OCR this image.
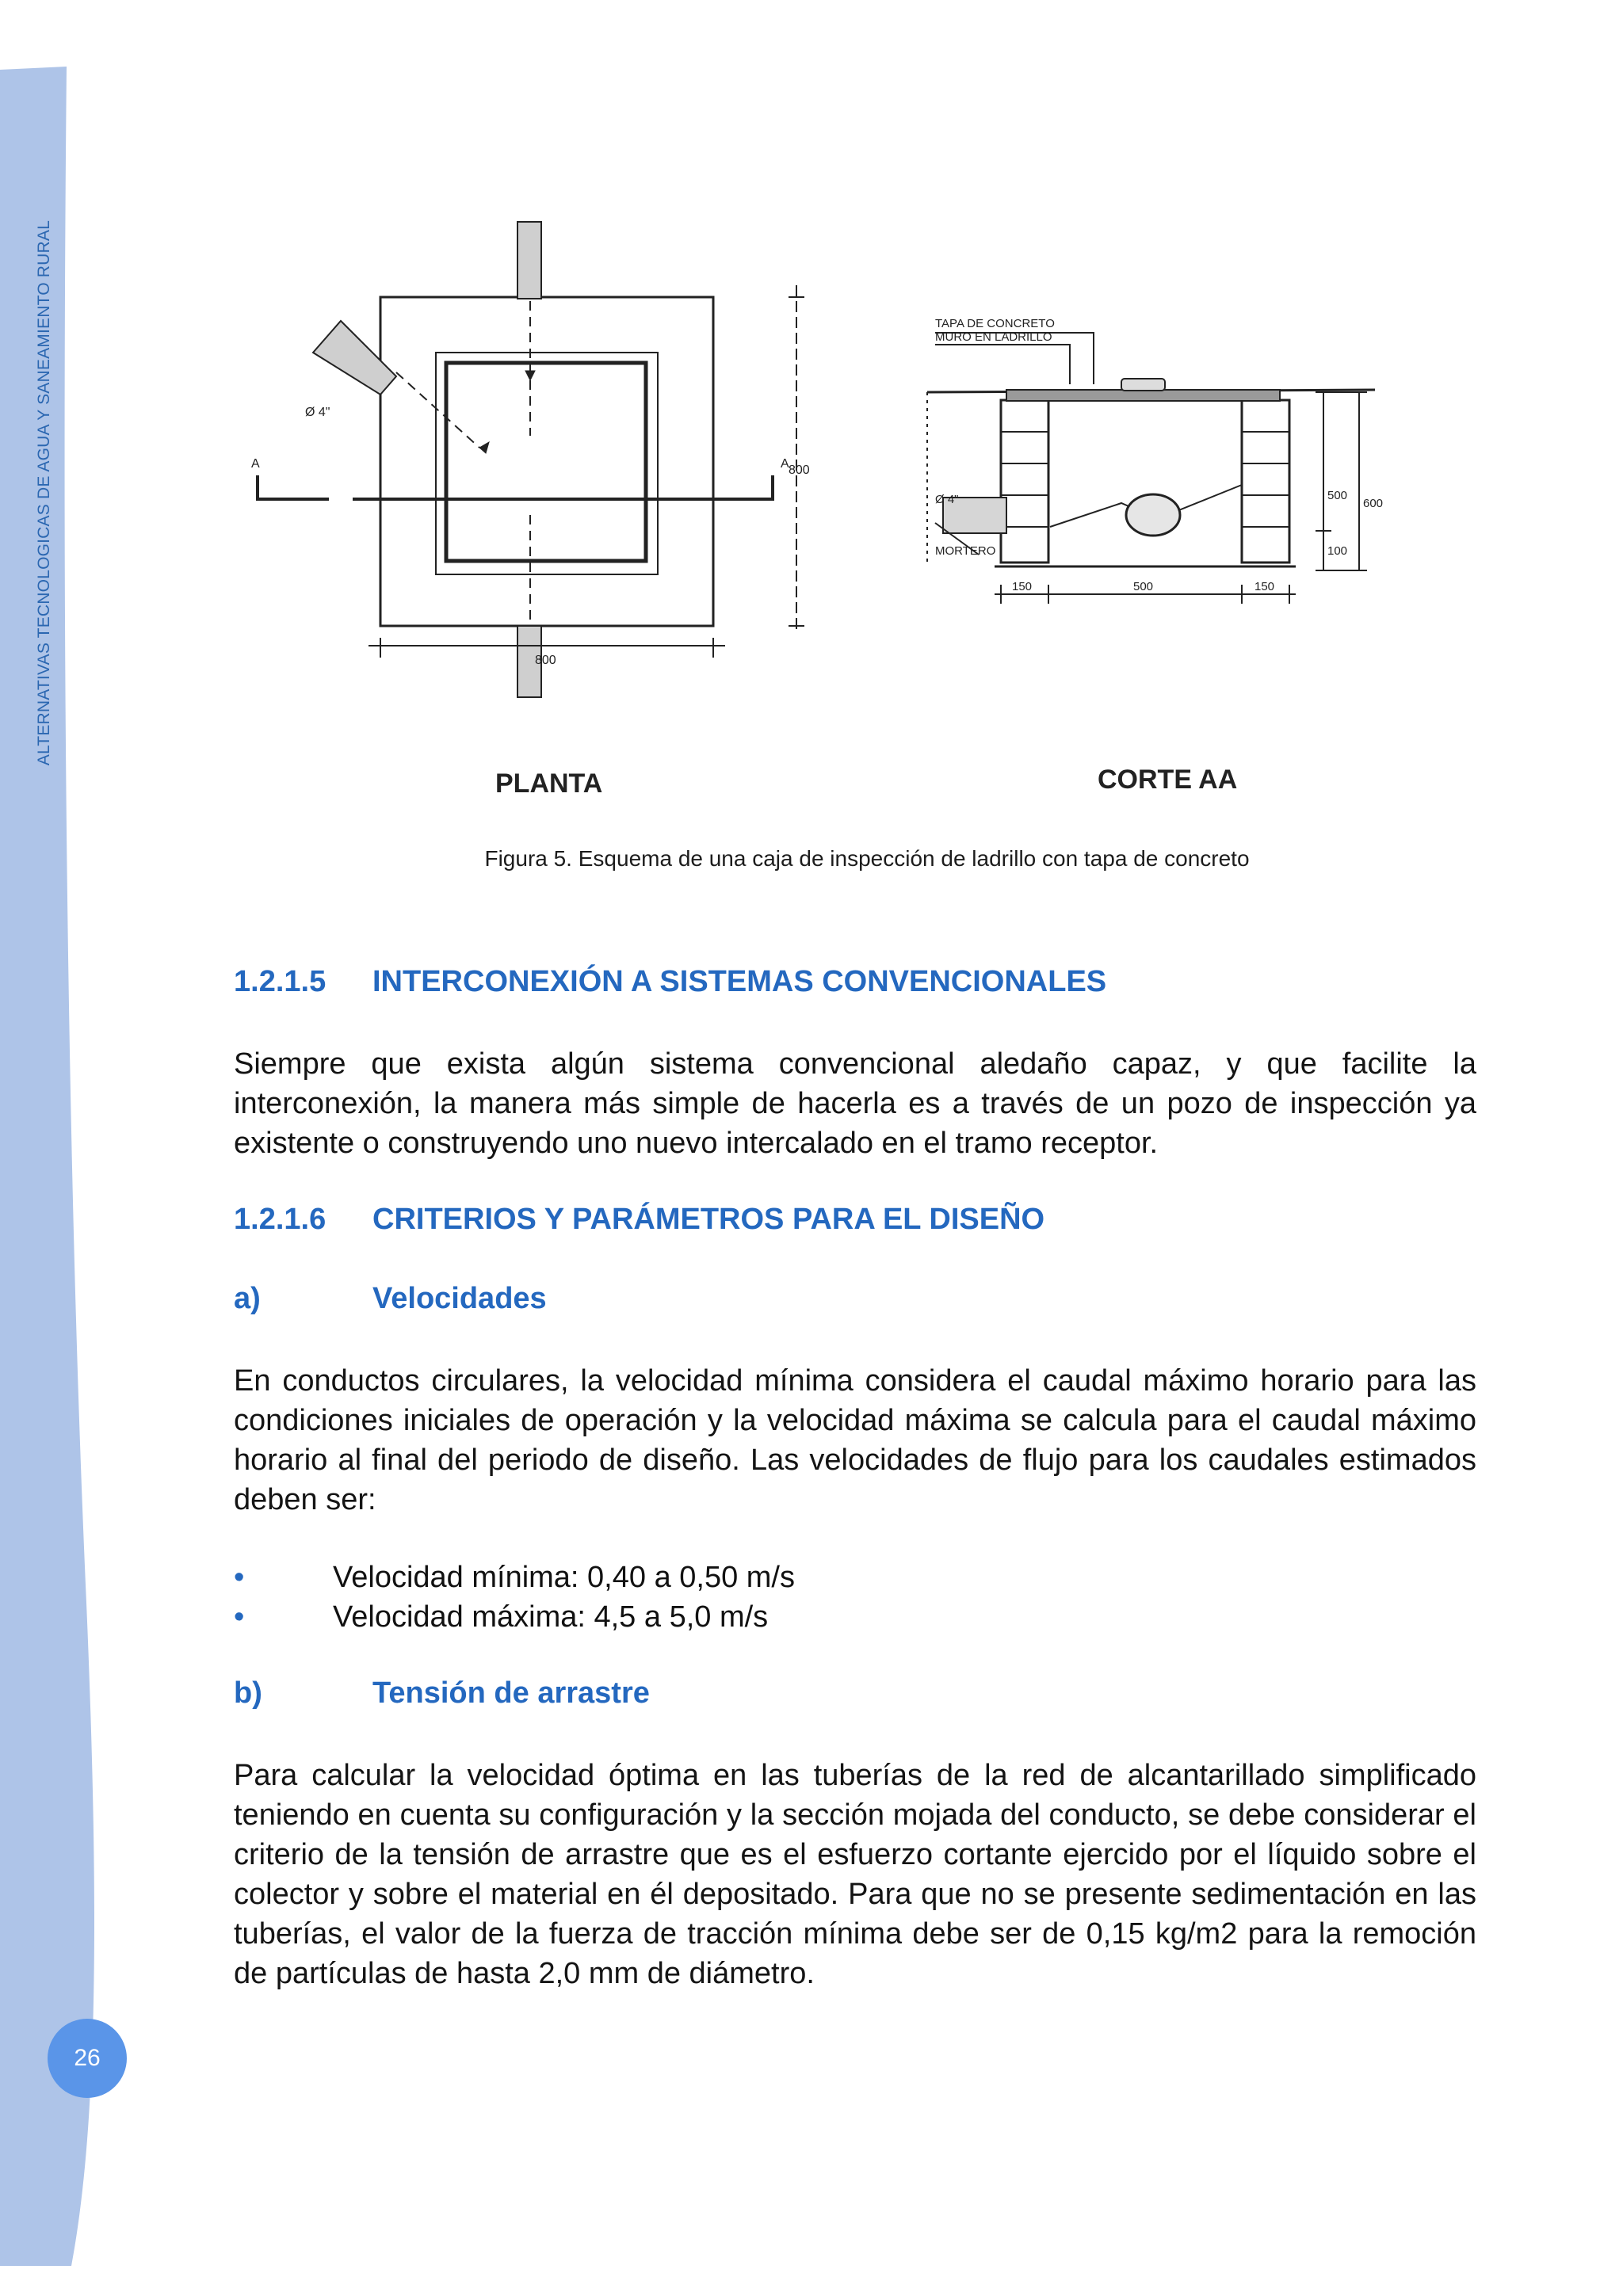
ALTERNATIVAS TECNOLOGICAS DE AGUA Y SANEAMIENTO RURAL
26
A	A 800
800
Ø 4"
PLANTA
TAPA DE CONCRETO
MURO EN LADRILLO
Ø 4"
MORTERO
500
600
100
150	500	150
CORTE AA
Figura 5. Esquema de una caja de inspección de ladrillo con tapa de concreto
1.2.1.5 INTERCONEXIÓN A SISTEMAS CONVENCIONALES
Siempre que exista algún sistema convencional aledaño capaz, y que facilite la interconexión, la manera más simple de hacerla es a través de un pozo de inspección ya existente o construyendo uno nuevo intercalado en el tramo receptor.
1.2.1.6 CRITERIOS Y PARÁMETROS PARA EL DISEÑO
a)	Velocidades
En conductos circulares, la velocidad mínima considera el caudal máximo horario para las condiciones iniciales de operación y la velocidad máxima se calcula para el caudal máximo horario al final del periodo de diseño. Las velocidades de flujo para los caudales estimados deben ser:
•	Velocidad mínima: 0,40 a 0,50 m/s
•	Velocidad máxima: 4,5 a 5,0 m/s
b)	Tensión de arrastre
Para calcular la velocidad óptima en las tuberías de la red de alcantarillado simplificado teniendo en cuenta su configuración y la sección mojada del conducto, se debe considerar el criterio de la tensión de arrastre que es el esfuerzo cortante ejercido por el líquido sobre el colector y sobre el material en él depositado. Para que no se presente sedimentación en las tuberías, el valor de la fuerza de tracción mínima debe ser de 0,15 kg/m2 para la remoción de partículas de hasta 2,0 mm de diámetro.
